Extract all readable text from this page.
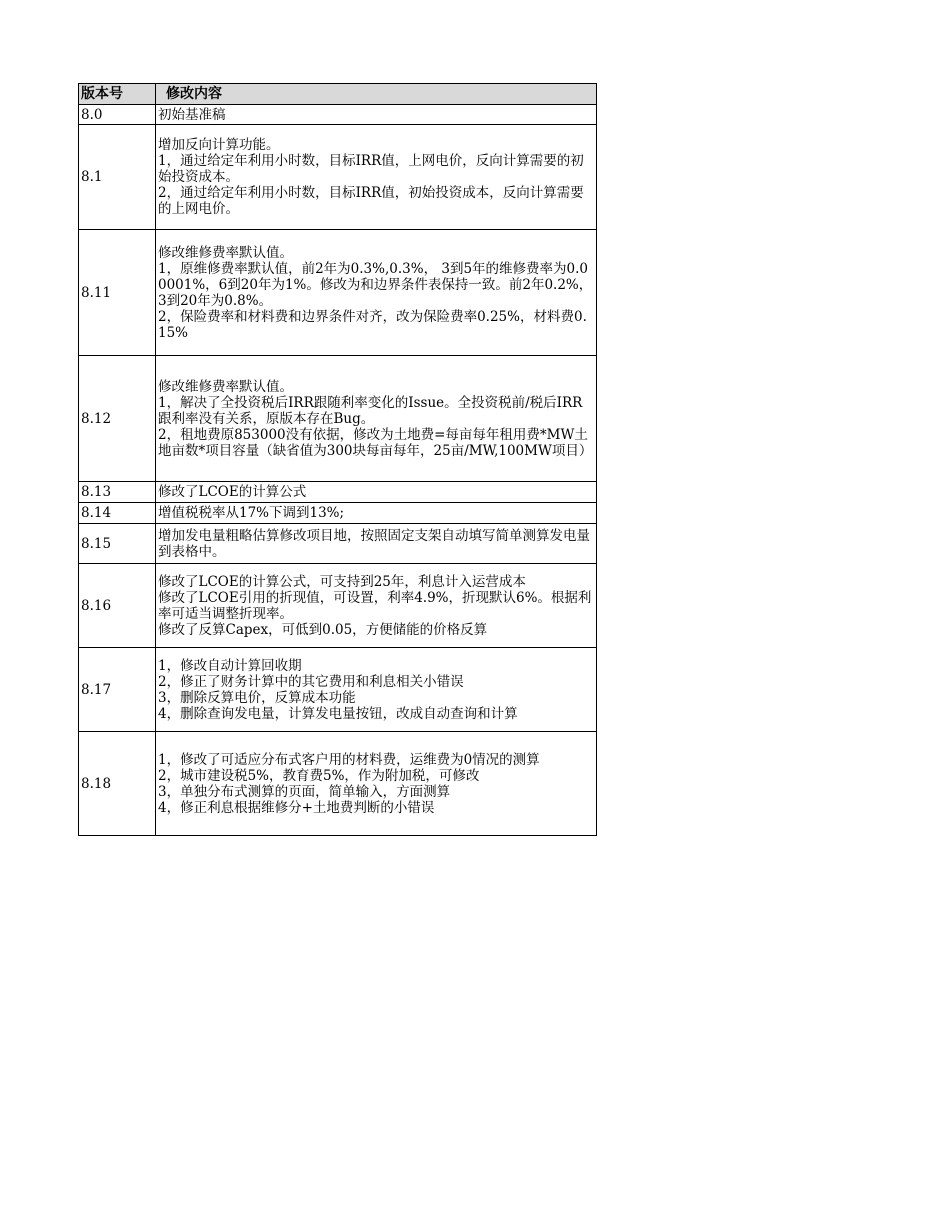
版本号	修改内容
8.0	初始基准稿
8.1	增加反向计算功能。
1，通过给定年利用小时数，目标IRR值，上网电价，反向计算需要的初始投资成本。
2，通过给定年利用小时数，目标IRR值，初始投资成本，反向计算需要的上网电价。
8.11	修改维修费率默认值。
1，原维修费率默认值，前2年为0.3%,0.3%， 3到5年的维修费率为0.00001%，6到20年为1%。修改为和边界条件表保持一致。前2年0.2%，3到20年为0.8%。
2，保险费率和材料费和边界条件对齐，改为保险费率0.25%，材料费0.15%
8.12	修改维修费率默认值。
1，解决了全投资税后IRR跟随利率变化的Issue。全投资税前/税后IRR跟利率没有关系，原版本存在Bug。
2，租地费原853000没有依据，修改为土地费=每亩每年租用费*MW土地亩数*项目容量（缺省值为300块每亩每年，25亩/MW,100MW项目）
8.13	修改了LCOE的计算公式
8.14	增值税税率从17%下调到13%;
8.15	增加发电量粗略估算修改项目地，按照固定支架自动填写简单测算发电量到表格中。
8.16	修改了LCOE的计算公式，可支持到25年，利息计入运营成本
修改了LCOE引用的折现值，可设置，利率4.9%，折现默认6%。根据利率可适当调整折现率。
修改了反算Capex，可低到0.05，方便储能的价格反算
8.17	1，修改自动计算回收期
2，修正了财务计算中的其它费用和利息相关小错误
3，删除反算电价，反算成本功能
4，删除查询发电量，计算发电量按钮，改成自动查询和计算
8.18	1，修改了可适应分布式客户用的材料费，运维费为0情况的测算
2，城市建设税5%，教育费5%，作为附加税，可修改
3，单独分布式测算的页面，简单输入，方面测算
4，修正利息根据维修分+土地费判断的小错误
